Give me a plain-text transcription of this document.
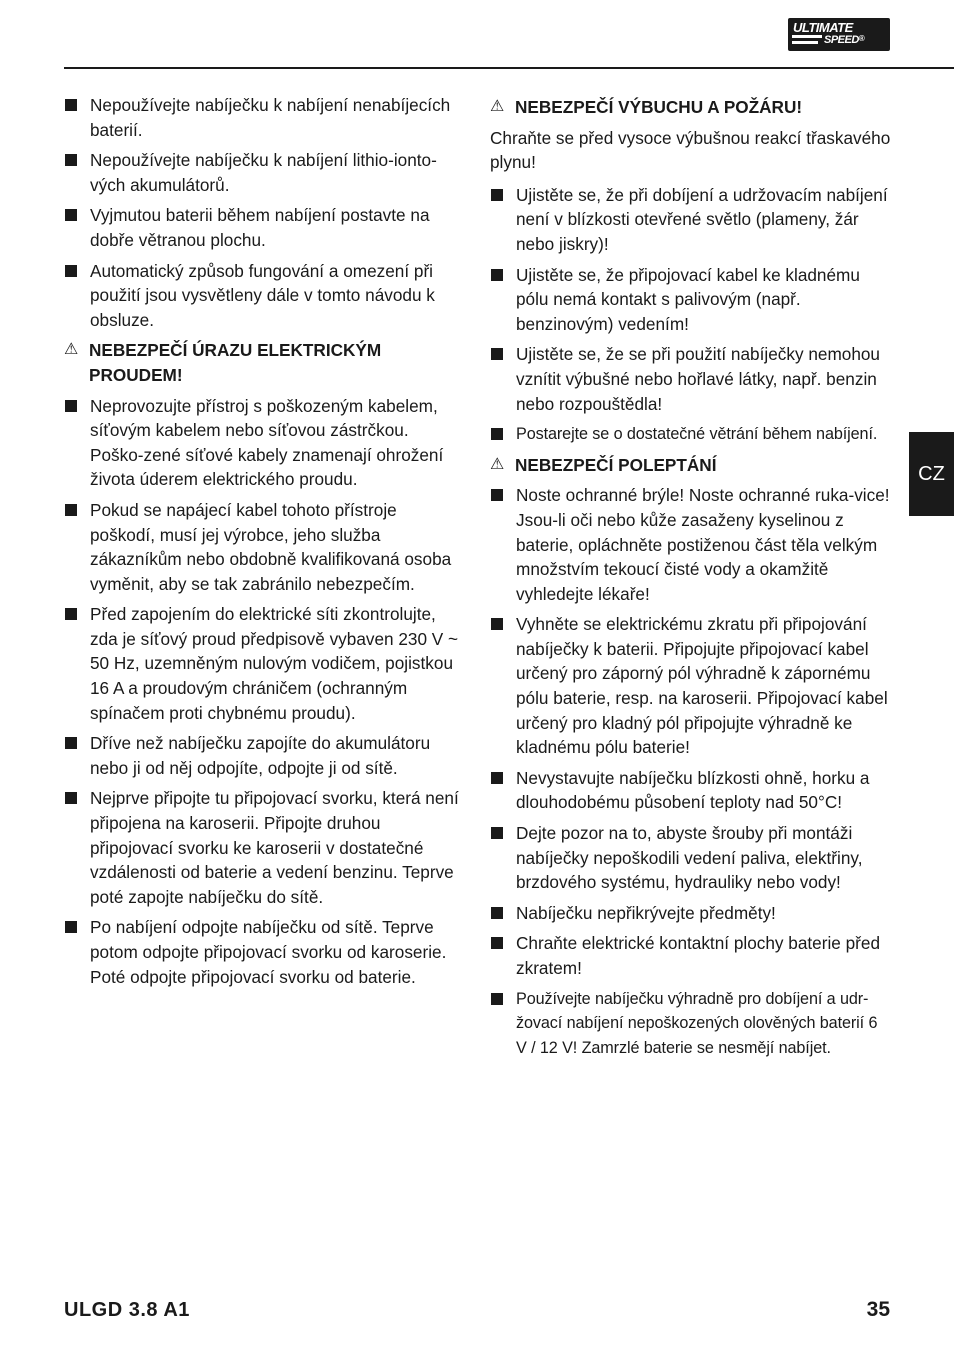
ULTIMATE
SPEED®
Nepoužívejte nabíječku k nabíjení nenabíjecích baterií.
Nepoužívejte nabíječku k nabíjení lithio-ionto-vých akumulátorů.
Vyjmutou baterii během nabíjení postavte na dobře větranou plochu.
Automatický způsob fungování a omezení při použití jsou vysvětleny dále v tomto návodu k obsluze.
⚠ NEBEZPEČÍ ÚRAZU ELEKTRICKÝM PROUDEM!
Neprovozujte přístroj s poškozeným kabelem, síťovým kabelem nebo síťovou zástrčkou. Poško-zené síťové kabely znamenají ohrožení života úderem elektrického proudu.
Pokud se napájecí kabel tohoto přístroje poškodí, musí jej výrobce, jeho služba zákazníkům nebo obdobně kvalifikovaná osoba vyměnit, aby se tak zabránilo nebezpečím.
Před zapojením do elektrické síti zkontrolujte, zda je síťový proud předpisově vybaven 230 V ~ 50 Hz, uzemněným nulovým vodičem, pojistkou 16 A a proudovým chráničem (ochranným spínačem proti chybnému proudu).
Dříve než nabíječku zapojíte do akumulátoru nebo ji od něj odpojíte, odpojte ji od sítě.
Nejprve připojte tu připojovací svorku, která není připojena na karoserii. Připojte druhou připojovací svorku ke karoserii v dostatečné vzdálenosti od baterie a vedení benzinu. Teprve poté zapojte nabíječku do sítě.
Po nabíjení odpojte nabíječku od sítě. Teprve potom odpojte připojovací svorku od karoserie. Poté odpojte připojovací svorku od baterie.
⚠ NEBEZPEČÍ VÝBUCHU A POŽÁRU!
Chraňte se před vysoce výbušnou reakcí třaskavého plynu!
Ujistěte se, že při dobíjení a udržovacím nabíjení není v blízkosti otevřené světlo (plameny, žár nebo jiskry)!
Ujistěte se, že připojovací kabel ke kladnému pólu nemá kontakt s palivovým (např. benzinovým) vedením!
Ujistěte se, že se při použití nabíječky nemohou vznítit výbušné nebo hořlavé látky, např. benzin nebo rozpouštědla!
Postarejte se o dostatečné větrání během nabíjení.
⚠ NEBEZPEČÍ POLEPTÁNÍ
Noste ochranné brýle! Noste ochranné ruka-vice! Jsou-li oči nebo kůže zasaženy kyselinou z baterie, opláchněte postiženou část těla velkým množstvím tekoucí čisté vody a okamžitě vyhledejte lékaře!
Vyhněte se elektrickému zkratu při připojování nabíječky k baterii. Připojujte připojovací kabel určený pro záporný pól výhradně k zápornému pólu baterie, resp. na karoserii. Připojovací kabel určený pro kladný pól připojujte výhradně ke kladnému pólu baterie!
Nevystavujte nabíječku blízkosti ohně, horku a dlouhodobému působení teploty nad 50°C!
Dejte pozor na to, abyste šrouby při montáži nabíječky nepoškodili vedení paliva, elektřiny, brzdového systému, hydrauliky nebo vody!
Nabíječku nepřikrývejte předměty!
Chraňte elektrické kontaktní plochy baterie před zkratem!
Používejte nabíječku výhradně pro dobíjení a udr-žovací nabíjení nepoškozených olověných baterií 6 V / 12 V! Zamrzlé baterie se nesmějí nabíjet.
CZ
ULGD 3.8 A1	35
